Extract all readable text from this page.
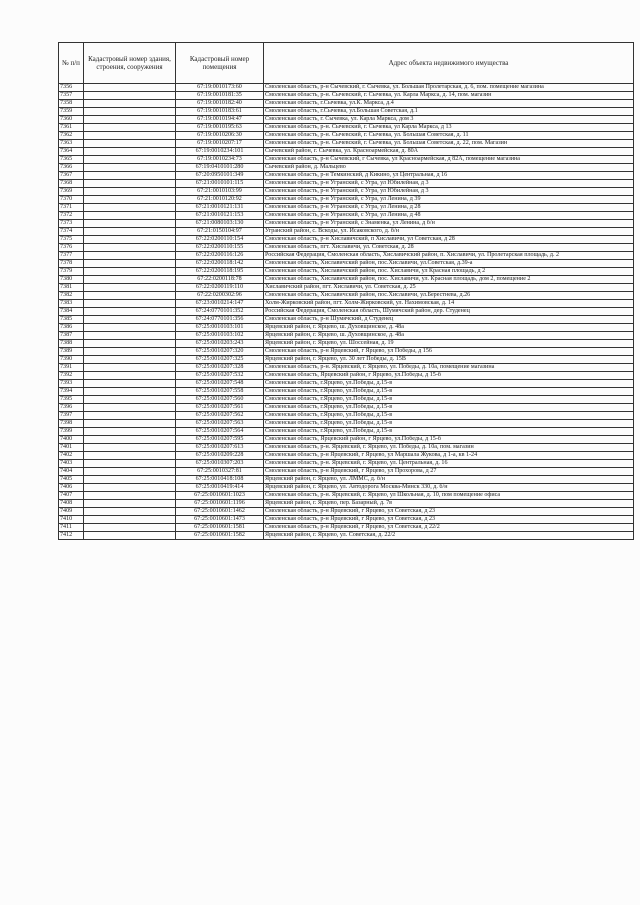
№ п/п	Кадастровый номер здания, строения, сооружения	Кадастровый номер помещения	Адрес объекта недвижимого имущества
7356		67:19:0010173:60	Смоленская область, р-н Сычевский, г. Сычевка, ул. Большая Пролетарская, д. 6, пом. помещение магазина
7357		67:19:0010181:35	Смоленская область, р-н. Сычевский, г. Сычевка, ул. Карла Маркса, д. 14, пом. магазин
7358		67:19:0010182:40	Смоленская область, г.Сычевка, ул.К. Маркса, д.4
7359		67:19:0010183:61	Смоленская область, г.Сычевка, ул.Большая Советская, д.1
7360		67:19:0010194:47	Смоленская область, г. Сычевка, ул. Карла Маркса, дом 3
7361		67:19:0010195:63	Смоленская область, р-н. Сычевский, г. Сычевка, ул Карла Маркса, д 13
7362		67:19:0010206:30	Смоленская область, р-н. Сычевский, г. Сычевка, ул. Большая Советская, д. 11
7363		67:19:0010207:17	Смоленская область, р-н. Сычевский, г. Сычевка, ул. Большая Советская, д. 22, пом. Магазин
7364		67:19:0010234:101	Сычевский район, г. Сычевка, ул. Красноармейская, д. 80А
7365		67:19:0010234:73	Смоленская область, р-н Сычевский, г Сычевка, ул Красноармейская, д 82А, помещение магазина
7366		67:19:0410101:280	Сычевский район, д. Мальцево
7367		67:20:0950101:349	Смоленская область, р-н Темкинский, д Кикино, ул Центральная, д 16
7368		67:21:0010101:115	Смоленская область, р-н Угранский, с Угра, ул Юбилейная, д 3
7369		67:21:0010103:99	Смоленская область, р-н Угранский, с Угра, ул Юбилейная, д 3
7370		67:21:0010120:92	Смоленская область, р-н Угранский, с Угра, ул Ленина, д 39
7371		67:21:0010121:131	Смоленская область, р-н Угранский, с Угра, ул Ленина, д 28
7372		67:21:0010121:153	Смоленская область, р-н Угранский, с Угра, ул Ленина, д 48
7373		67:21:0080103:130	Смоленская область, р-н Угранский, с Знаменка, ул Ленина, д б/н
7374		67:21:0150104:97	Угранский район, с. Вскоды, ул. Исаковского, д. б/н
7375		67:22:0200110:154	Смоленская область, р-н Хиславичский, п Хиславичи, ул Советская, д 28
7376		67:22:0200110:155	Смоленская область, пгт. Хиславичи, ул. Советская, д. 28
7377		67:22:0200116:126	Российская Федерация, Смоленская область, Хиславичский район, п. Хиславичи, ул. Пролетарская площадь, д. 2
7378		67:22:0200118:142	Смоленская область, Хиславичский район, пос.Хиславичи, ул.Советская, д.39-а
7379		67:22:0200118:195	Смоленская область, Хиславичский район, пос. Хиславичи, ул Красная площадь, д 2
7380		67:22:0200118:78	Смоленская область, Хиславичский район, пос. Хиславичи, ул. Красная площадь, дом 2, помещение 2
7381		67:22:0200119:110	Хиславичский район, пгт. Хиславичи, ул. Советская, д. 25
7382		67:22:0200302:96	Смоленская область, Хиславичский район, пос.Хиславичи, ул.Берестнева, д.26
7383		67:23:0010214:147	Холм-Жирковский район, пгт. Холм-Жирковский, ул. Нахимовская, д. 14
7384		67:24:0770101:352	Российская Федерация, Смоленская область, Шумячский район, дер. Студенец
7385		67:24:0770101:356	Смоленская область, р-н Шумячский, д Студенец
7386		67:25:0010103:101	Ярцевский район, г. Ярцево, ш. Духовщинское, д. 48а
7387		67:25:0010103:102	Ярцевский район, г. Ярцево, ш. Духовщинское, д. 48а
7388		67:25:0010203:243	Ярцевский район, г. Ярцево, ул. Шоссейная, д. 19
7389		67:25:0010207:320	Смоленская область, р-н Ярцевский, г Ярцево, ул Победы, д 156
7390		67:25:0010207:325	Ярцевский район, г. Ярцево, ул. 30 лет Победы, д. 15В
7391		67:25:0010207:328	Смоленская область, р-н. Ярцевский, г. Ярцево, ул. Победы, д. 10а, помещение магазина
7392		67:25:0010207:532	Смоленская область, Ярцевский район, г Ярцево, ул.Победы, д 15-б
7393		67:25:0010207:548	Смоленская область, г.Ярцево, ул.Победы, д.15-в
7394		67:25:0010207:558	Смоленская область, г.Ярцево, ул.Победы, д.15-в
7395		67:25:0010207:560	Смоленская область, г.Ярцево, ул.Победы, д.15-в
7396		67:25:0010207:561	Смоленская область, г.Ярцево, ул.Победы, д.15-в
7397		67:25:0010207:562	Смоленская область, г.Ярцево, ул.Победы, д.15-в
7398		67:25:0010207:563	Смоленская область, г.Ярцево, ул.Победы, д.15-в
7399		67:25:0010207:564	Смоленская область, г.Ярцево, ул.Победы, д.15-в
7400		67:25:0010207:595	Смоленская область, Ярцевский район, г Ярцево, ул.Победы, д 15-б
7401		67:25:0010207:613	Смоленская область, р-н. Ярцевский, г. Ярцево, ул. Победы, д. 10а, пом. магазин
7402		67:25:0010209:228	Смоленская область, р-н Ярцевский, г Ярцево, ул Маршала Жукова, д 1-а, кв 1-24
7403		67:25:0010307:203	Смоленская область, р-н. Ярцевский, г. Ярцево, ул. Центральная, д. 16
7404		67:25:0010327:81	Смоленская область, р-н Ярцевский, г Ярцево, ул Прохорова, д 27
7405		67:25:0010418:108	Ярцевский район, г. Ярцево, ул. ЛММС, д. б/н
7406		67:25:0010419:414	Ярцевский район, г. Ярцево, ул. Автодорога Москва-Минск 330, д. б/н
7407		67:25:0010601:1023	Смоленская область, р-н. Ярцевский, г. Ярцево, ул Школьная, д. 10, пом помещение офиса
7408		67:25:0010601:1196	Ярцевский район, г. Ярцево, пер. Базарный, д. 7в
7409		67:25:0010601:1462	Смоленская область, р-н Ярцевский, г Ярцево, ул Советская, д 23
7410		67:25:0010601:1473	Смоленская область, р-н Ярцевский, г Ярцево, ул Советская, д 23
7411		67:25:0010601:1581	Смоленская область, р-н Ярцевский, г Ярцево, ул Советская, д 22/2
7412		67:25:0010601:1582	Ярцевский район, г. Ярцево, ул. Советская, д. 22/2
